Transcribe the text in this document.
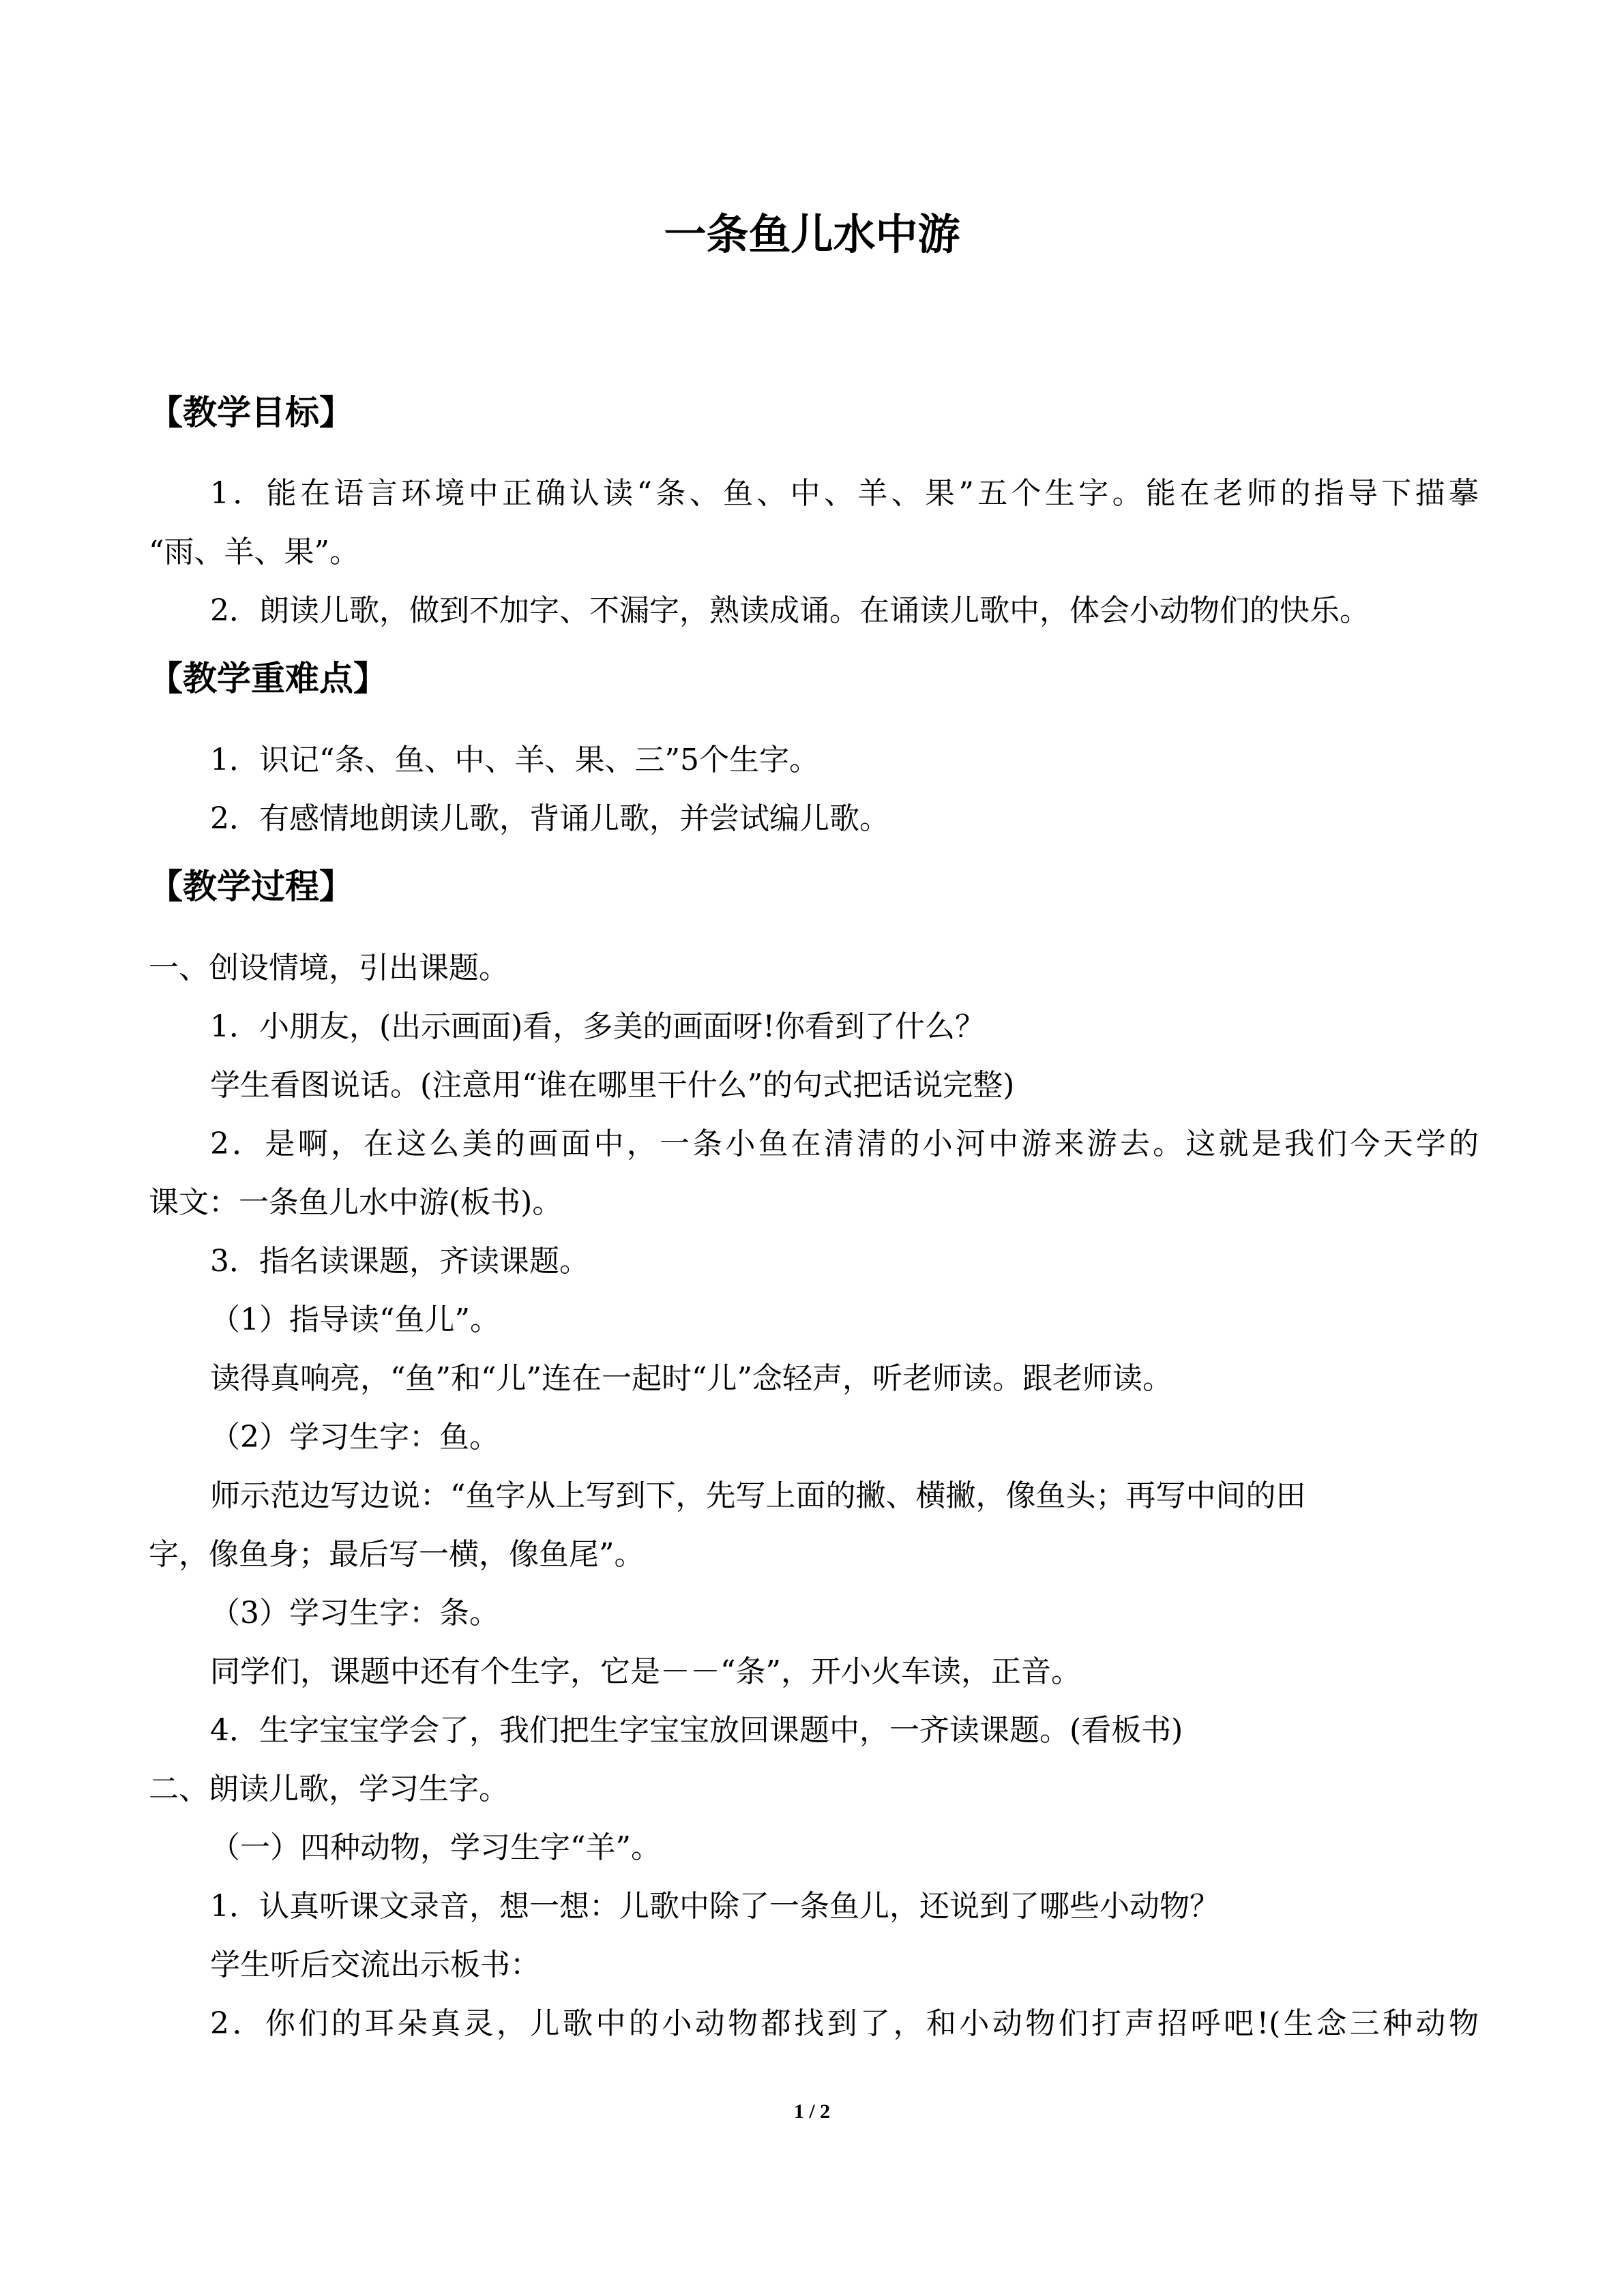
一条鱼儿水中游
【教学目标】

1．能在语言环境中正确认读“条、鱼、中、羊、果”五个生字。能在老师的指导下描摹

“雨、羊、果”。

2．朗读儿歌，做到不加字、不漏字，熟读成诵。在诵读儿歌中，体会小动物们的快乐。

【教学重难点】

1．识记“条、鱼、中、羊、果、三”5个生字。

2．有感情地朗读儿歌，背诵儿歌，并尝试编儿歌。

【教学过程】

一、创设情境，引出课题。

1．小朋友，(出示画面)看，多美的画面呀!你看到了什么？

学生看图说话。(注意用“谁在哪里干什么”的句式把话说完整)

2．是啊，在这么美的画面中，一条小鱼在清清的小河中游来游去。这就是我们今天学的

课文：一条鱼儿水中游(板书)。

3．指名读课题，齐读课题。

（1）指导读“鱼儿”。

读得真响亮，“鱼”和“儿”连在一起时“儿”念轻声，听老师读。跟老师读。

（2）学习生字：鱼。

师示范边写边说：“鱼字从上写到下，先写上面的撇、横撇，像鱼头；再写中间的田

字，像鱼身；最后写一横，像鱼尾”。

（3）学习生字：条。

同学们，课题中还有个生字，它是－－“条”，开小火车读，正音。

4．生字宝宝学会了，我们把生字宝宝放回课题中，一齐读课题。(看板书)

二、朗读儿歌，学习生字。

（一）四种动物，学习生字“羊”。

1．认真听课文录音，想一想：儿歌中除了一条鱼儿，还说到了哪些小动物？

学生听后交流出示板书：

2．你们的耳朵真灵，儿歌中的小动物都找到了，和小动物们打声招呼吧!(生念三种动物

1 / 2
